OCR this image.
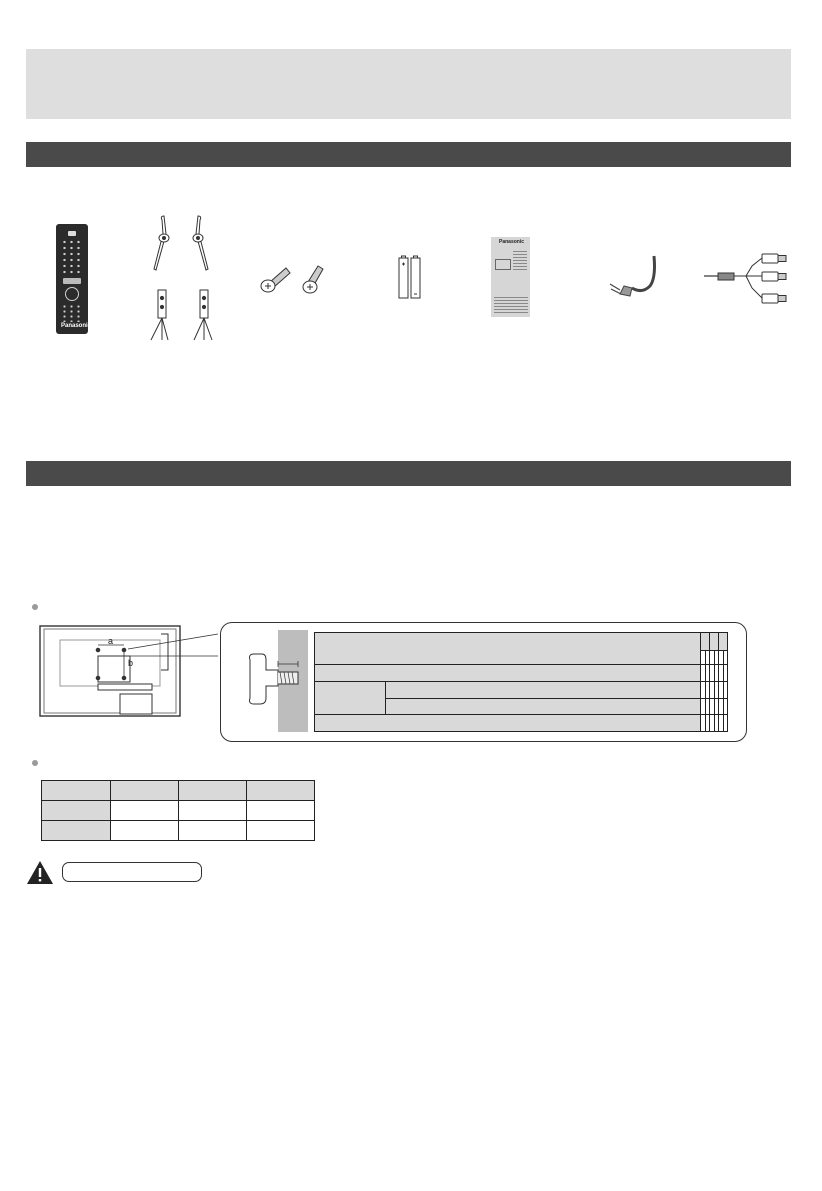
Panasonic
Panasonic
a
b
